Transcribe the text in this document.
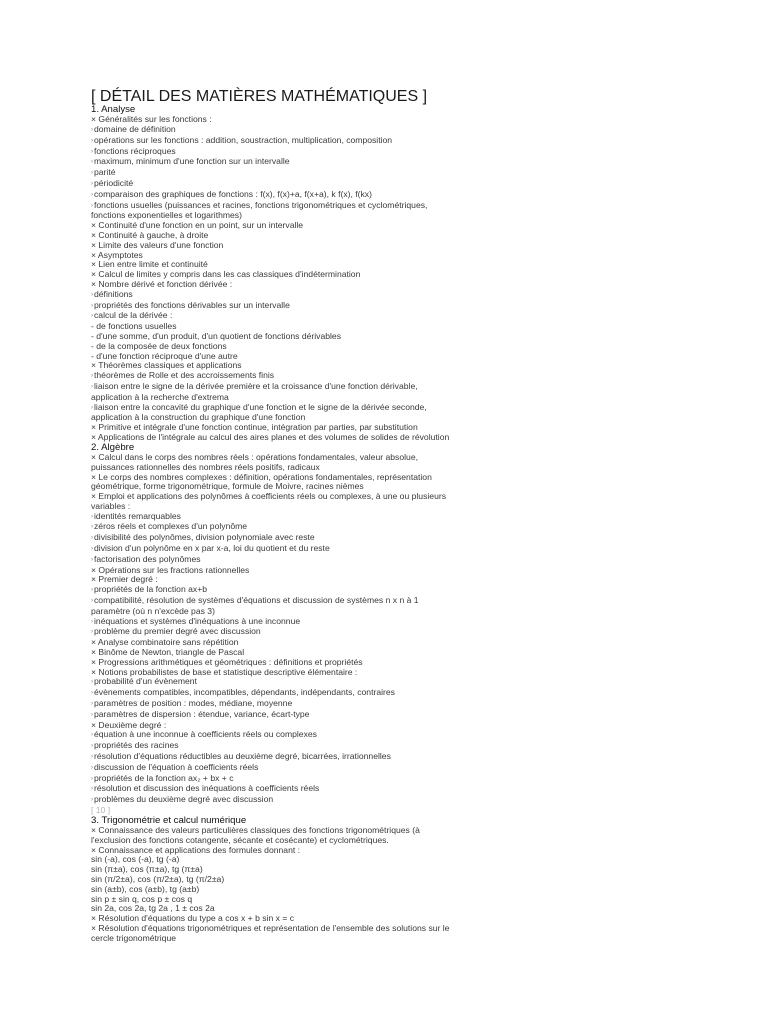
[ DÉTAIL DES MATIÈRES MATHÉMATIQUES ]
1. Analyse
× Généralités sur les fonctions :
›domaine de définition
›opérations sur les fonctions : addition, soustraction, multiplication, composition
›fonctions réciproques
›maximum, minimum d'une fonction sur un intervalle
›parité
›périodicité
›comparaison des graphiques de fonctions : f(x), f(x)+a, f(x+a), k f(x), f(kx)
›fonctions usuelles (puissances et racines, fonctions trigonométriques et cyclométriques, fonctions exponentielles et logarithmes)
× Continuité d'une fonction en un point, sur un intervalle
× Continuité à gauche, à droite
× Limite des valeurs d'une fonction
× Asymptotes
× Lien entre limite et continuité
× Calcul de limites y compris dans les cas classiques d'indétermination
× Nombre dérivé et fonction dérivée :
›définitions
›propriétés des fonctions dérivables sur un intervalle
›calcul de la dérivée :
- de fonctions usuelles
- d'une somme, d'un produit, d'un quotient de fonctions dérivables
- de la composée de deux fonctions
- d'une fonction réciproque d'une autre
× Théorèmes classiques et applications
›théorèmes de Rolle et des accroissements finis
›liaison entre le signe de la dérivée première et la croissance d'une fonction dérivable, application à la recherche d'extrema
›liaison entre la concavité du graphique d'une fonction et le signe de la dérivée seconde, application à la construction du graphique d'une fonction
× Primitive et intégrale d'une fonction continue, intégration par parties, par substitution
× Applications de l'intégrale au calcul des aires planes et des volumes de solides de révolution
2. Algèbre
× Calcul dans le corps des nombres réels : opérations fondamentales, valeur absolue, puissances rationnelles des nombres réels positifs, radicaux
× Le corps des nombres complexes : définition, opérations fondamentales, représentation géométrique, forme trigonométrique, formule de Moivre, racines nièmes
× Emploi et applications des polynômes à coefficients réels ou complexes, à une ou plusieurs variables :
›identités remarquables
›zéros réels et complexes d'un polynôme
›divisibilité des polynômes, division polynomiale avec reste
›division d'un polynôme en x par x-a, loi du quotient et du reste
›factorisation des polynômes
× Opérations sur les fractions rationnelles
× Premier degré :
›propriétés de la fonction ax+b
›compatibilité, résolution de systèmes d'équations et discussion de systèmes n x n à 1 paramètre (où n n'excède pas 3)
›inéquations et systèmes d'inéquations à une inconnue
›problème du premier degré avec discussion
× Analyse combinatoire sans répétition
× Binôme de Newton, triangle de Pascal
× Progressions arithmétiques et géométriques : définitions et propriétés
× Notions probabilistes de base et statistique descriptive élémentaire :
›probabilité d'un évènement
›évènements compatibles, incompatibles, dépendants, indépendants, contraires
›paramètres de position : modes, médiane, moyenne
›paramètres de dispersion : étendue, variance, écart-type
× Deuxième degré :
›équation à une inconnue à coefficients réels ou complexes
›propriétés des racines
›résolution d'équations réductibles au deuxième degré, bicarrées, irrationnelles
›discussion de l'équation à coefficients réels
›propriétés de la fonction ax₂ + bx + c
›résolution et discussion des inéquations à coefficients réels
›problèmes du deuxième degré avec discussion
[ 10 ]
3. Trigonométrie et calcul numérique
× Connaissance des valeurs particulières classiques des fonctions trigonométriques (à l'exclusion des fonctions cotangente, sécante et cosécante) et cyclométriques.
× Connaissance et applications des formules donnant :
sin (-a), cos (-a), tg (-a)
sin (π±a), cos (π±a), tg (π±a)
sin (π/2±a), cos (π/2±a), tg (π/2±a)
sin (a±b), cos (a±b), tg (a±b)
sin p ± sin q, cos p ± cos q
sin 2a, cos 2a, tg 2a , 1 ± cos 2a
× Résolution d'équations du type a cos x + b sin x = c
× Résolution d'équations trigonométriques et représentation de l'ensemble des solutions sur le cercle trigonométrique
